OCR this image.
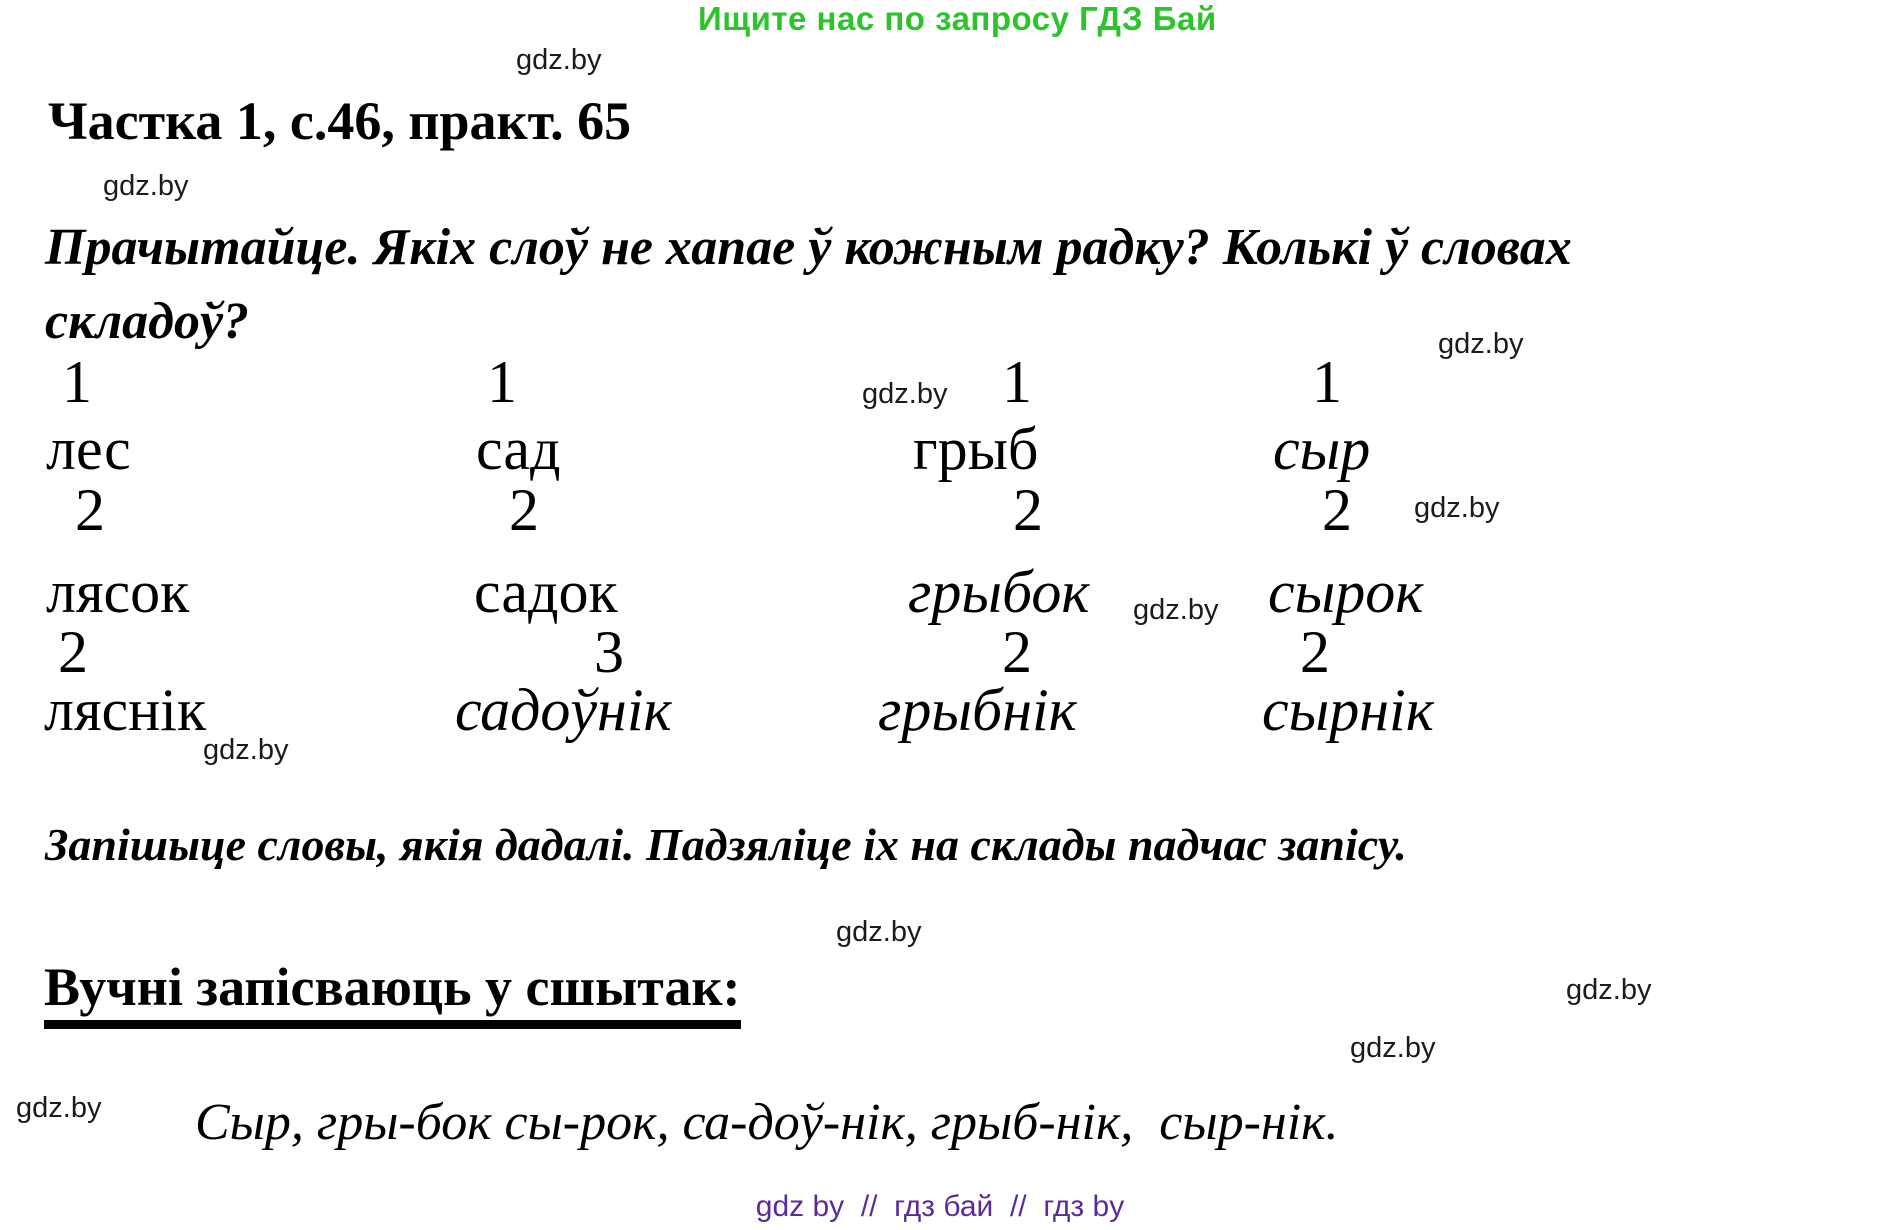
Ищите нас по запросу ГДЗ Бай
gdz.by
gdz.by
gdz.by
gdz.by
gdz.by
gdz.by
gdz.by
gdz.by
gdz.by
gdz.by
gdz.by
Частка 1, с.46, практ. 65
Прачытайце. Якіх слоў не хапае ў кожным радку? Колькі ў словах
складоў?
1	1	1	1
лес	сад	грыб	сыр
2	2	2	2
лясок	садок	грыбок	сырок
2	3	2	2
ляснік	садоўнік	грыбнік	сырнік
Запішыце словы, якія дадалі. Падзяліце іх на склады падчас запісу.
Вучні запісваюць у сшытак:
Сыр, гры-бок сы-рок, са-доў-нік, грыб-нік,  сыр-нік.
gdz by  //  гдз бай  //  гдз by
